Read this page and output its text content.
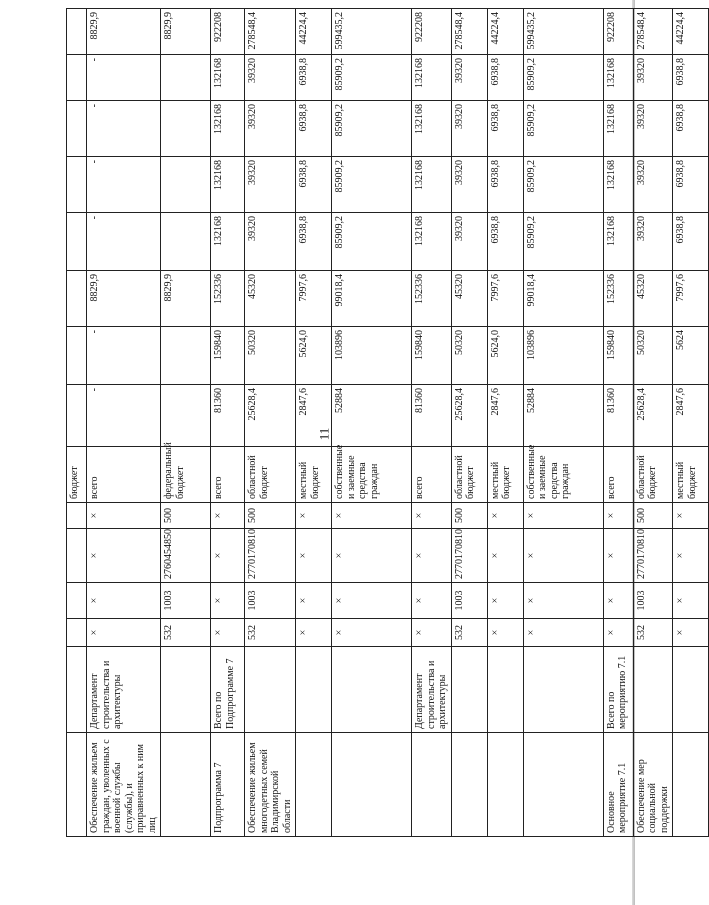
11
						бюджет								
Обеспечение жильем граждан, уволенных с военной службы (службы), и приравненных к ним лиц	Департамент строительства и архитектуры	×	×	×	×	всего	-	-	8829,9	-	-	-	-	8829,9
		532	1003	2760454850	500	федеральный бюджет			8829,9					8829,9
Подпрограмма 7	Всего по Подпрограмме 7	×	×	×	×	всего	81360	159840	152336	132168	132168	132168	132168	922208
Обеспечение жильем многодетных семей Владимирской области		532	1003	2770170810	500	областной бюджет	25628,4	50320	45320	39320	39320	39320	39320	278548,4
		×	×	×	×	местный бюджет	2847,6	5624,0	7997,6	6938,8	6938,8	6938,8	6938,8	44224,4
		×	×	×	×	собственные и заемные средства граждан	52884	103896	99018,4	85909,2	85909,2	85909,2	85909,2	599435,2
	Департамент строительства и архитектуры	×	×	×	×	всего	81360	159840	152336	132168	132168	132168	132168	922208
		532	1003	2770170810	500	областной бюджет	25628,4	50320	45320	39320	39320	39320	39320	278548,4
		×	×	×	×	местный бюджет	2847,6	5624,0	7997,6	6938,8	6938,8	6938,8	6938,8	44224,4
		×	×	×	×	собственные и заемные средства граждан	52884	103896	99018,4	85909,2	85909,2	85909,2	85909,2	599435,2
Основное мероприятие 7.1	Всего по мероприятию 7.1	×	×	×	×	всего	81360	159840	152336	132168	132168	132168	132168	922208
Обеспечение мер социальной поддержки		532	1003	2770170810	500	областной бюджет	25628,4	50320	45320	39320	39320	39320	39320	278548,4
		×	×	×	×	местный бюджет	2847,6	5624	7997,6	6938,8	6938,8	6938,8	6938,8	44224,4
